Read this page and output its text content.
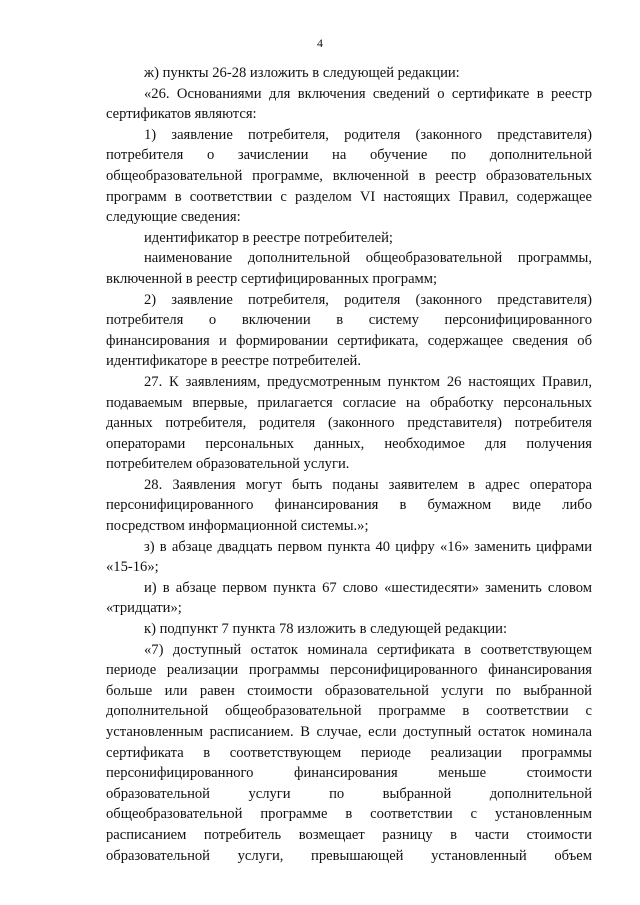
4
ж) пункты 26-28 изложить в следующей редакции:
«26. Основаниями для включения сведений о сертификате в реестр
сертификатов являются:
1) заявление потребителя, родителя (законного представителя)
потребителя о зачислении на обучение по дополнительной
общеобразовательной программе, включенной в реестр образовательных
программ в соответствии с разделом VI настоящих Правил, содержащее
следующие сведения:
идентификатор в реестре потребителей;
наименование дополнительной общеобразовательной программы,
включенной в реестр сертифицированных программ;
2) заявление потребителя, родителя (законного представителя)
потребителя о включении в систему персонифицированного
финансирования и формировании сертификата, содержащее сведения об
идентификаторе в реестре потребителей.
27. К заявлениям, предусмотренным пунктом 26 настоящих Правил,
подаваемым впервые, прилагается согласие на обработку персональных
данных потребителя, родителя (законного представителя) потребителя
операторами персональных данных, необходимое для получения
потребителем образовательной услуги.
28. Заявления могут быть поданы заявителем в адрес оператора
персонифицированного финансирования в бумажном виде либо
посредством информационной системы.»;
з) в абзаце двадцать первом пункта 40 цифру «16» заменить цифрами
«15-16»;
и) в абзаце первом пункта 67 слово «шестидесяти» заменить словом
«тридцати»;
к) подпункт 7 пункта 78 изложить в следующей редакции:
«7) доступный остаток номинала сертификата в соответствующем
периоде реализации программы персонифицированного финансирования
больше или равен стоимости образовательной услуги по выбранной
дополнительной общеобразовательной программе в соответствии с
установленным расписанием. В случае, если доступный остаток номинала
сертификата в соответствующем периоде реализации программы
персонифицированного финансирования меньше стоимости
образовательной услуги по выбранной дополнительной
общеобразовательной программе в соответствии с установленным
расписанием потребитель возмещает разницу в части стоимости
образовательной услуги, превышающей установленный объем
